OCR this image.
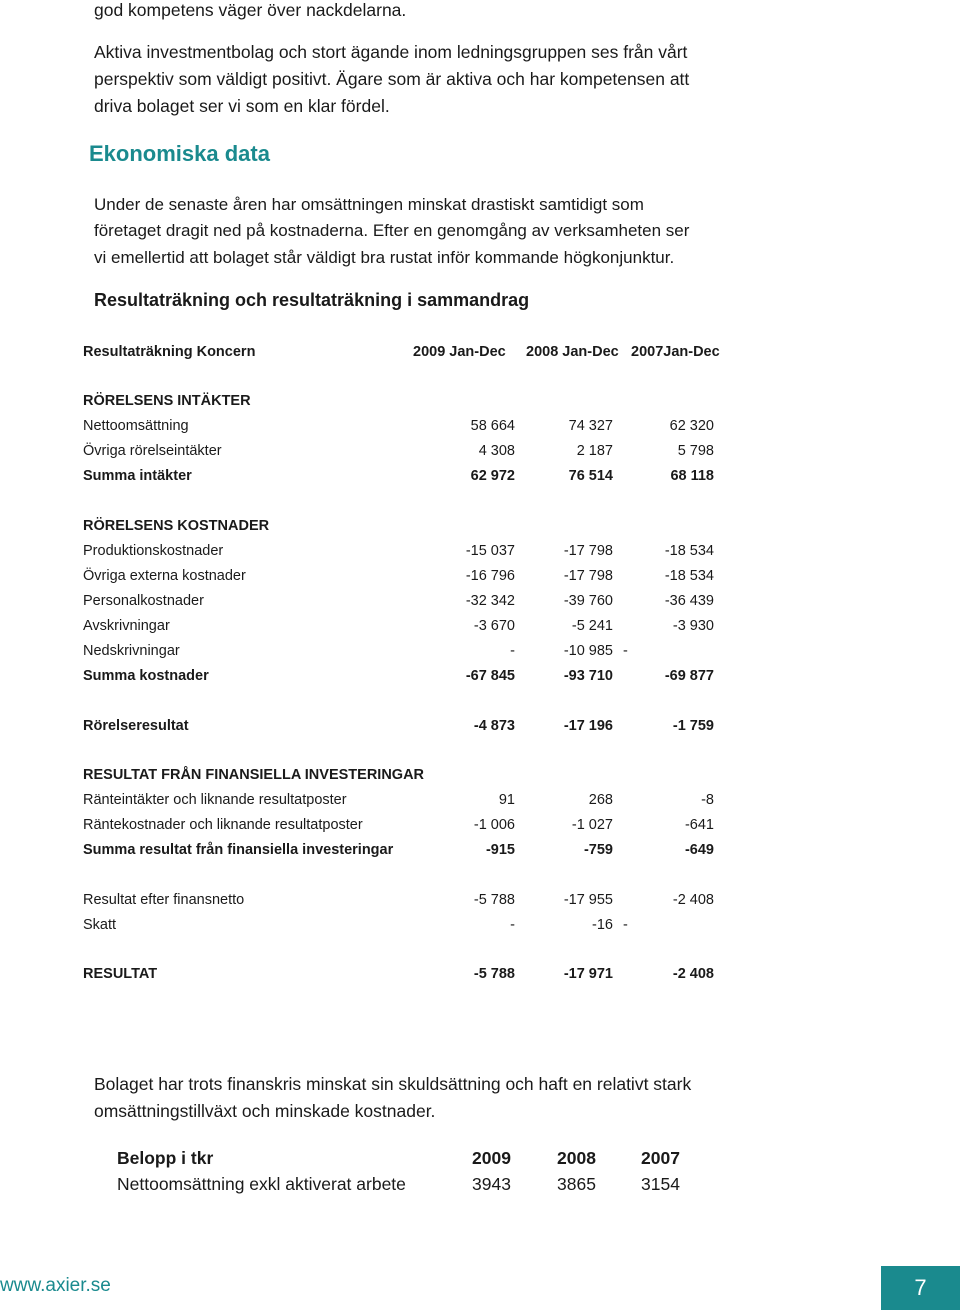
god kompetens väger över nackdelarna.

Aktiva investmentbolag och stort ägande inom ledningsgruppen ses från vårt

perspektiv som väldigt positivt. Ägare som är aktiva och har kompetensen att

driva bolaget ser vi som en klar fördel.

Ekonomiska data

Under de senaste åren har omsättningen minskat drastiskt samtidigt som

företaget dragit ned på kostnaderna. Efter en genomgång av verksamheten ser

vi emellertid att bolaget står väldigt bra rustat inför kommande högkonjunktur.

Resultaträkning och resultaträkning i sammandrag
Resultaträkning Koncern	2009 Jan-Dec 2008 Jan-Dec 2007Jan-Dec
RÖRELSENS INTÄKTER
Nettoomsättning	58 664	74 327	62 320
Övriga rörelseintäkter	4 308	2 187	5 798
Summa intäkter	62 972	76 514	68 118
RÖRELSENS KOSTNADER
Produktionskostnader	-15 037	-17 798	-18 534
Övriga externa kostnader	-16 796	-17 798	-18 534
Personalkostnader	-32 342	-39 760	-36 439
Avskrivningar	-3 670	-5 241	-3 930
Nedskrivningar	-	-10 985 -
Summa kostnader	-67 845	-93 710	-69 877
Rörelseresultat	-4 873	-17 196	-1 759
RESULTAT FRÅN FINANSIELLA INVESTERINGAR
Ränteintäkter och liknande resultatposter	91	268	-8
Räntekostnader och liknande resultatposter	-1 006	-1 027	-641
Summa resultat från finansiella investeringar	-915	-759	-649
Resultat efter finansnetto	-5 788	-17 955	-2 408
Skatt	-	-16 -
RESULTAT	-5 788	-17 971	-2 408

Bolaget har trots finanskris minskat sin skuldsättning och haft en relativt stark

omsättningstillväxt och minskade kostnader.

Belopp i tkr	2009	2008	2007
Nettoomsättning exkl aktiverat arbete	3943	3865	3154
www.axier.se	7
